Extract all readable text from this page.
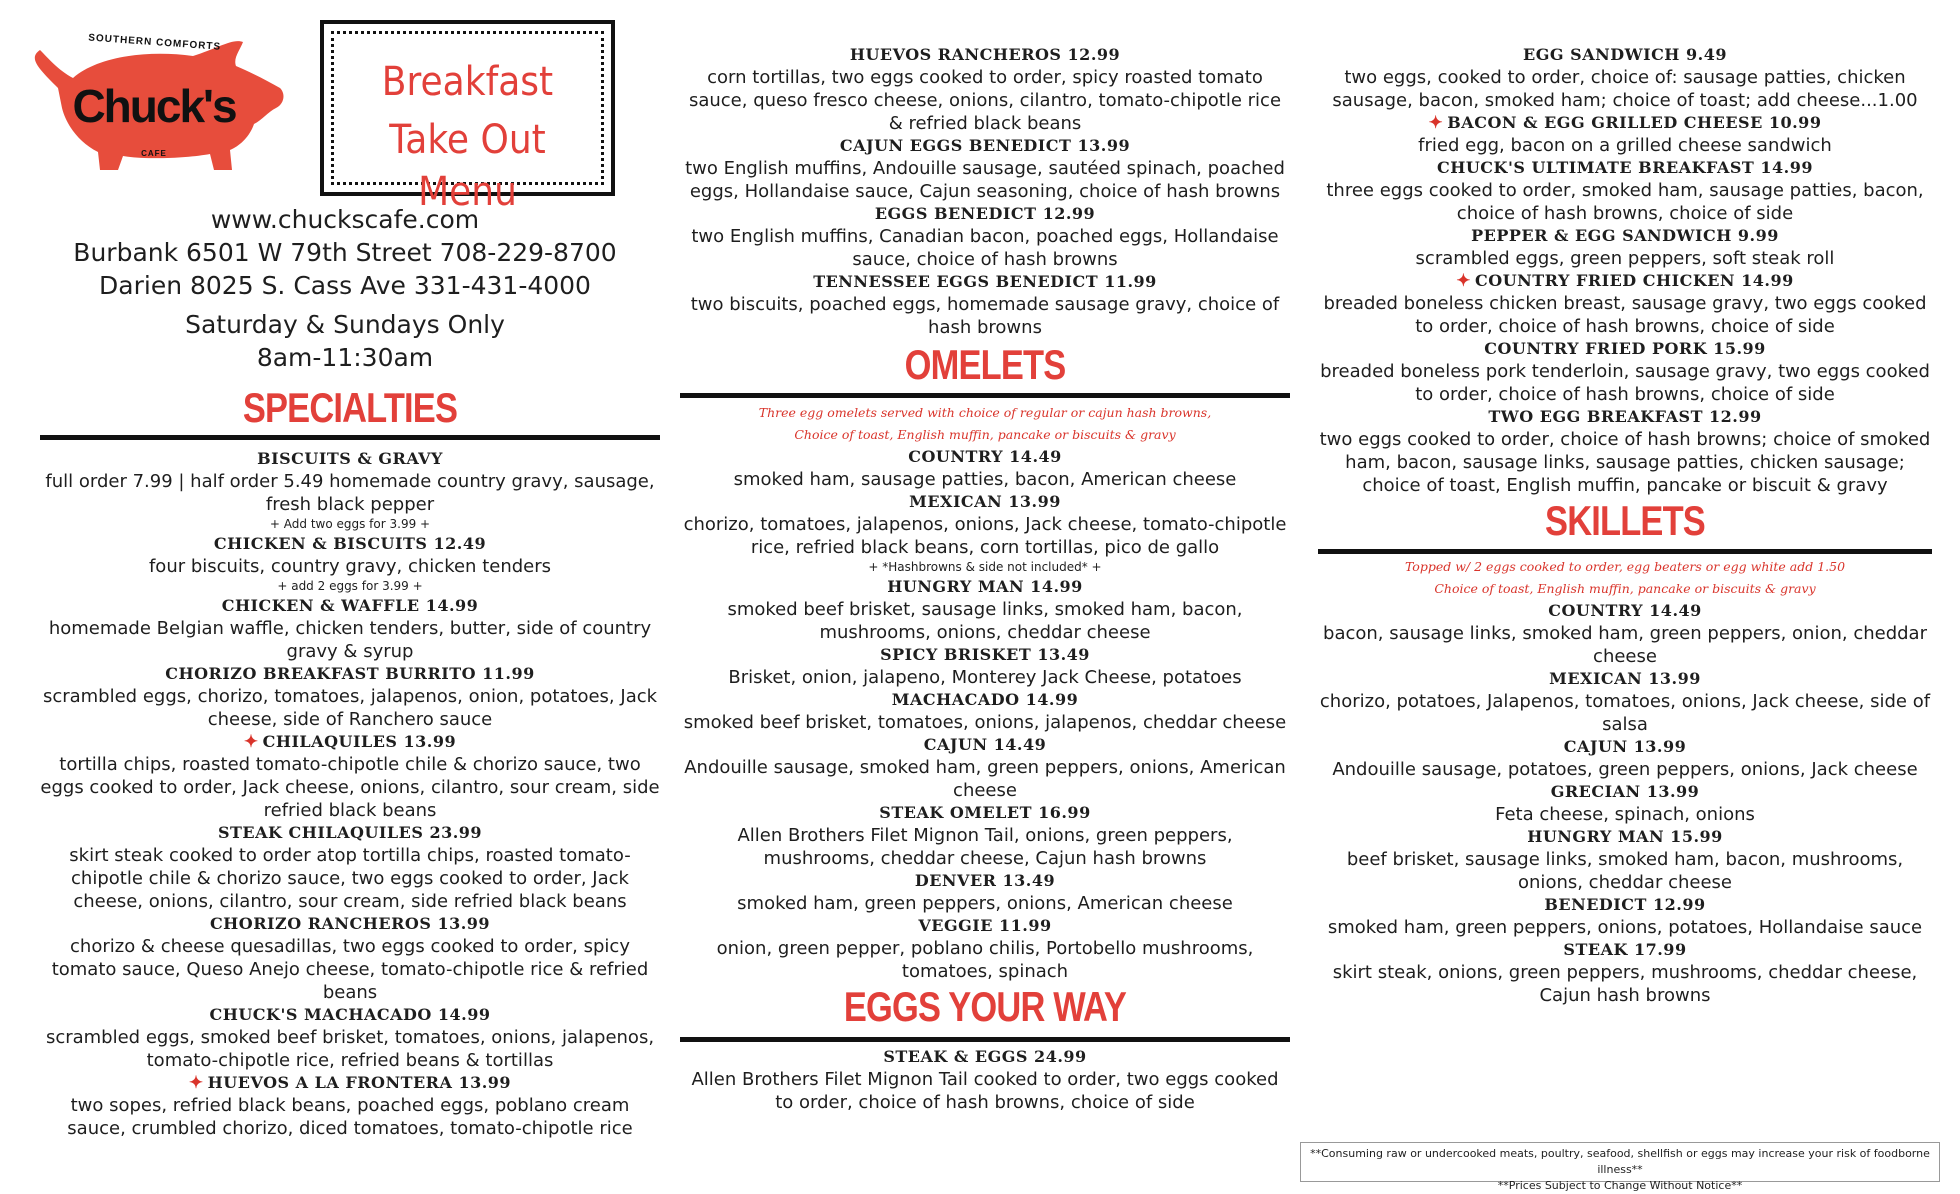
SOUTHERN COMFORTS
Chuck's
CAFE

Breakfast

Take Out Menu

www.chuckscafe.com

Burbank 6501 W 79th Street 708-229-8700

Darien 8025 S. Cass Ave 331-431-4000

Saturday & Sundays Only

8am-11:30am

SPECIALTIES

BISCUITS & GRAVY

full order 7.99 | half order 5.49 homemade country gravy, sausage, fresh black pepper

+ Add two eggs for 3.99 +

CHICKEN & BISCUITS 12.49

four biscuits, country gravy, chicken tenders

+ add 2 eggs for 3.99 +

CHICKEN & WAFFLE 14.99

homemade Belgian waffle, chicken tenders, butter, side of country gravy & syrup

CHORIZO BREAKFAST BURRITO 11.99

scrambled eggs, chorizo, tomatoes, jalapenos, onion, potatoes, Jack cheese, side of Ranchero sauce

✦ CHILAQUILES 13.99

tortilla chips, roasted tomato-chipotle chile & chorizo sauce, two eggs cooked to order, Jack cheese, onions, cilantro, sour cream, side refried black beans

STEAK CHILAQUILES 23.99

skirt steak cooked to order atop tortilla chips, roasted tomato-chipotle chile & chorizo sauce, two eggs cooked to order, Jack cheese, onions, cilantro, sour cream, side refried black beans

CHORIZO RANCHEROS 13.99

chorizo & cheese quesadillas, two eggs cooked to order, spicy tomato sauce, Queso Anejo cheese, tomato-chipotle rice & refried beans

CHUCK'S MACHACADO 14.99

scrambled eggs, smoked beef brisket, tomatoes, onions, jalapenos, tomato-chipotle rice, refried beans & tortillas

✦ HUEVOS A LA FRONTERA 13.99

two sopes, refried black beans, poached eggs, poblano cream sauce, crumbled chorizo, diced tomatoes, tomato-chipotle rice

HUEVOS RANCHEROS 12.99

corn tortillas, two eggs cooked to order, spicy roasted tomato sauce, queso fresco cheese, onions, cilantro, tomato-chipotle rice & refried black beans

CAJUN EGGS BENEDICT 13.99

two English muffins, Andouille sausage, sautéed spinach, poached eggs, Hollandaise sauce, Cajun seasoning, choice of hash browns

EGGS BENEDICT 12.99

two English muffins, Canadian bacon, poached eggs, Hollandaise sauce, choice of hash browns

TENNESSEE EGGS BENEDICT 11.99

two biscuits, poached eggs, homemade sausage gravy, choice of hash browns

OMELETS

Three egg omelets served with choice of regular or cajun hash browns,

Choice of toast, English muffin, pancake or biscuits & gravy

COUNTRY 14.49

smoked ham, sausage patties, bacon, American cheese

MEXICAN 13.99

chorizo, tomatoes, jalapenos, onions, Jack cheese, tomato-chipotle rice, refried black beans, corn tortillas, pico de gallo

+ *Hashbrowns & side not included* +

HUNGRY MAN 14.99

smoked beef brisket, sausage links, smoked ham, bacon, mushrooms, onions, cheddar cheese

SPICY BRISKET 13.49

Brisket, onion, jalapeno, Monterey Jack Cheese, potatoes

MACHACADO 14.99

smoked beef brisket, tomatoes, onions, jalapenos, cheddar cheese

CAJUN 14.49

Andouille sausage, smoked ham, green peppers, onions, American cheese

STEAK OMELET 16.99

Allen Brothers Filet Mignon Tail, onions, green peppers, mushrooms, cheddar cheese, Cajun hash browns

DENVER 13.49

smoked ham, green peppers, onions, American cheese

VEGGIE 11.99

onion, green pepper, poblano chilis, Portobello mushrooms, tomatoes, spinach

EGGS YOUR WAY

STEAK & EGGS 24.99

Allen Brothers Filet Mignon Tail cooked to order, two eggs cooked to order, choice of hash browns, choice of side

EGG SANDWICH 9.49

two eggs, cooked to order, choice of: sausage patties, chicken sausage, bacon, smoked ham; choice of toast; add cheese...1.00

✦ BACON & EGG GRILLED CHEESE 10.99

fried egg, bacon on a grilled cheese sandwich

CHUCK'S ULTIMATE BREAKFAST 14.99

three eggs cooked to order, smoked ham, sausage patties, bacon, choice of hash browns, choice of side

PEPPER & EGG SANDWICH 9.99

scrambled eggs, green peppers, soft steak roll

✦ COUNTRY FRIED CHICKEN 14.99

breaded boneless chicken breast, sausage gravy, two eggs cooked to order, choice of hash browns, choice of side

COUNTRY FRIED PORK 15.99

breaded boneless pork tenderloin, sausage gravy, two eggs cooked to order, choice of hash browns, choice of side

TWO EGG BREAKFAST 12.99

two eggs cooked to order, choice of hash browns; choice of smoked ham, bacon, sausage links, sausage patties, chicken sausage; choice of toast, English muffin, pancake or biscuit & gravy

SKILLETS

Topped w/ 2 eggs cooked to order, egg beaters or egg white add 1.50

Choice of toast, English muffin, pancake or biscuits & gravy

COUNTRY 14.49

bacon, sausage links, smoked ham, green peppers, onion, cheddar cheese

MEXICAN 13.99

chorizo, potatoes, Jalapenos, tomatoes, onions, Jack cheese, side of salsa

CAJUN 13.99

Andouille sausage, potatoes, green peppers, onions, Jack cheese

GRECIAN 13.99

Feta cheese, spinach, onions

HUNGRY MAN 15.99

beef brisket, sausage links, smoked ham, bacon, mushrooms, onions, cheddar cheese

BENEDICT 12.99

smoked ham, green peppers, onions, potatoes, Hollandaise sauce

STEAK 17.99

skirt steak, onions, green peppers, mushrooms, cheddar cheese, Cajun hash browns

**Consuming raw or undercooked meats, poultry, seafood, shellfish or eggs may increase your risk of foodborne illness**

**Prices Subject to Change Without Notice**
